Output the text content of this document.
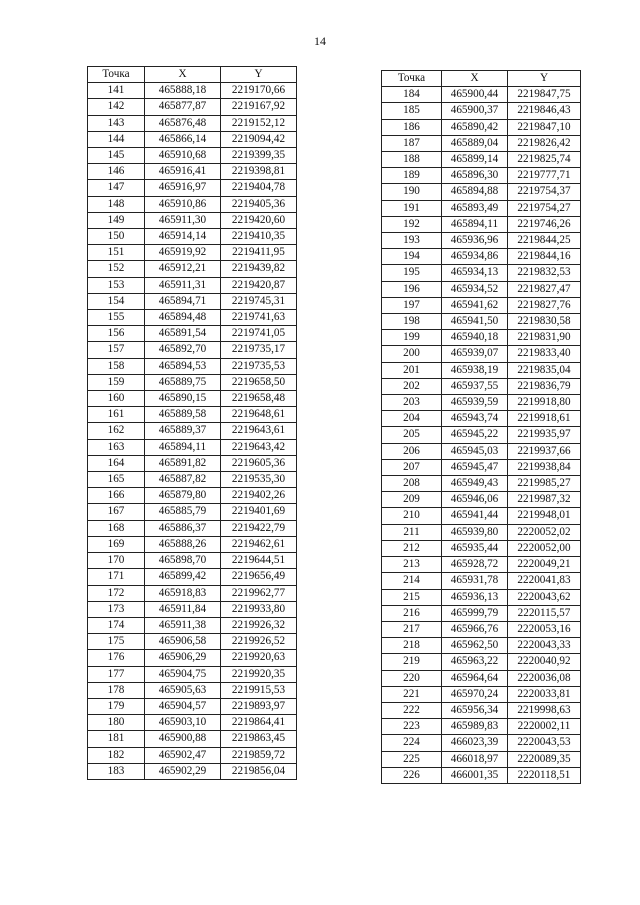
14
Точка	X	Y
141	465888,18	2219170,66
142	465877,87	2219167,92
143	465876,48	2219152,12
144	465866,14	2219094,42
145	465910,68	2219399,35
146	465916,41	2219398,81
147	465916,97	2219404,78
148	465910,86	2219405,36
149	465911,30	2219420,60
150	465914,14	2219410,35
151	465919,92	2219411,95
152	465912,21	2219439,82
153	465911,31	2219420,87
154	465894,71	2219745,31
155	465894,48	2219741,63
156	465891,54	2219741,05
157	465892,70	2219735,17
158	465894,53	2219735,53
159	465889,75	2219658,50
160	465890,15	2219658,48
161	465889,58	2219648,61
162	465889,37	2219643,61
163	465894,11	2219643,42
164	465891,82	2219605,36
165	465887,82	2219535,30
166	465879,80	2219402,26
167	465885,79	2219401,69
168	465886,37	2219422,79
169	465888,26	2219462,61
170	465898,70	2219644,51
171	465899,42	2219656,49
172	465918,83	2219962,77
173	465911,84	2219933,80
174	465911,38	2219926,32
175	465906,58	2219926,52
176	465906,29	2219920,63
177	465904,75	2219920,35
178	465905,63	2219915,53
179	465904,57	2219893,97
180	465903,10	2219864,41
181	465900,88	2219863,45
182	465902,47	2219859,72
183	465902,29	2219856,04
Точка	X	Y
184	465900,44	2219847,75
185	465900,37	2219846,43
186	465890,42	2219847,10
187	465889,04	2219826,42
188	465899,14	2219825,74
189	465896,30	2219777,71
190	465894,88	2219754,37
191	465893,49	2219754,27
192	465894,11	2219746,26
193	465936,96	2219844,25
194	465934,86	2219844,16
195	465934,13	2219832,53
196	465934,52	2219827,47
197	465941,62	2219827,76
198	465941,50	2219830,58
199	465940,18	2219831,90
200	465939,07	2219833,40
201	465938,19	2219835,04
202	465937,55	2219836,79
203	465939,59	2219918,80
204	465943,74	2219918,61
205	465945,22	2219935,97
206	465945,03	2219937,66
207	465945,47	2219938,84
208	465949,43	2219985,27
209	465946,06	2219987,32
210	465941,44	2219948,01
211	465939,80	2220052,02
212	465935,44	2220052,00
213	465928,72	2220049,21
214	465931,78	2220041,83
215	465936,13	2220043,62
216	465999,79	2220115,57
217	465966,76	2220053,16
218	465962,50	2220043,33
219	465963,22	2220040,92
220	465964,64	2220036,08
221	465970,24	2220033,81
222	465956,34	2219998,63
223	465989,83	2220002,11
224	466023,39	2220043,53
225	466018,97	2220089,35
226	466001,35	2220118,51
